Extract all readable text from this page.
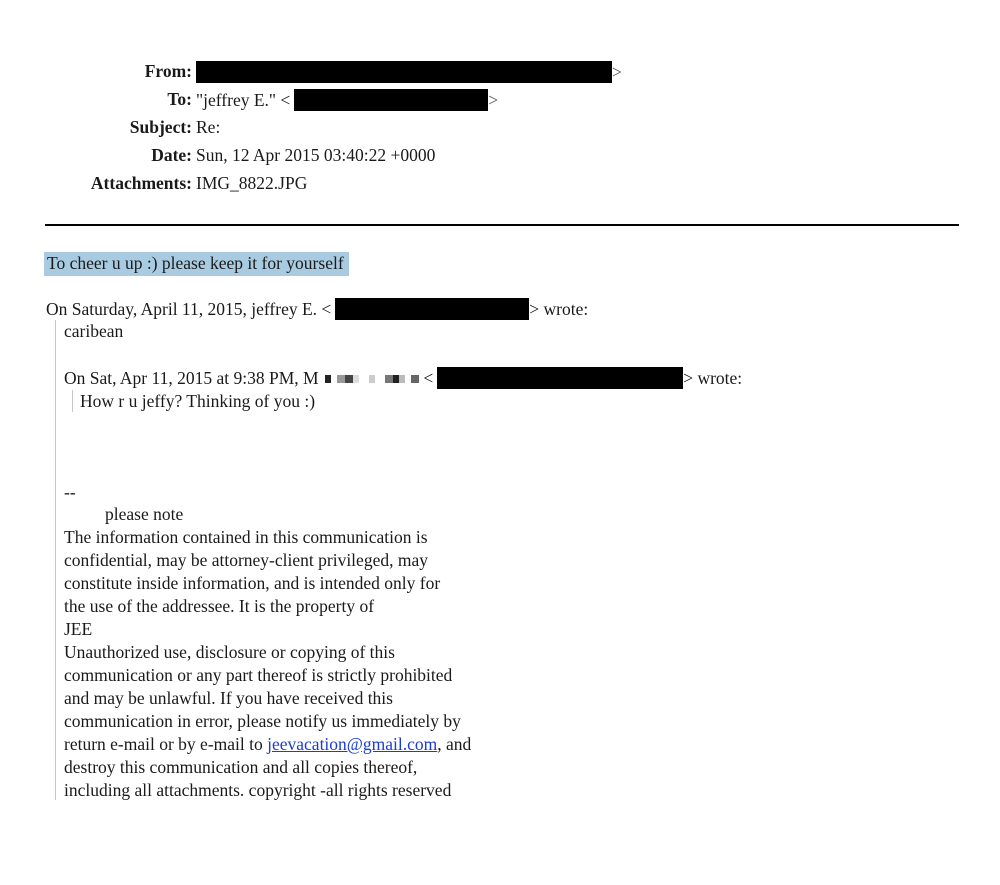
From:	>
To: "jeffrey E." <	>
Subject: Re:
Date: Sun, 12 Apr 2015 03:40:22 +0000
Attachments: IMG_8822.JPG
To cheer u up :) please keep it for yourself
On Saturday, April 11, 2015, jeffrey E. <	> wrote:
caribean
On Sat, Apr 11, 2015 at 9:38 PM, M	<	> wrote:
How r u jeffy? Thinking of you :)
--
please note
The information contained in this communication is
confidential, may be attorney-client privileged, may
constitute inside information, and is intended only for
the use of the addressee. It is the property of
JEE
Unauthorized use, disclosure or copying of this
communication or any part thereof is strictly prohibited
and may be unlawful. If you have received this
communication in error, please notify us immediately by
return e-mail or by e-mail to jeevacation@gmail.com, and
destroy this communication and all copies thereof,
including all attachments. copyright -all rights reserved
